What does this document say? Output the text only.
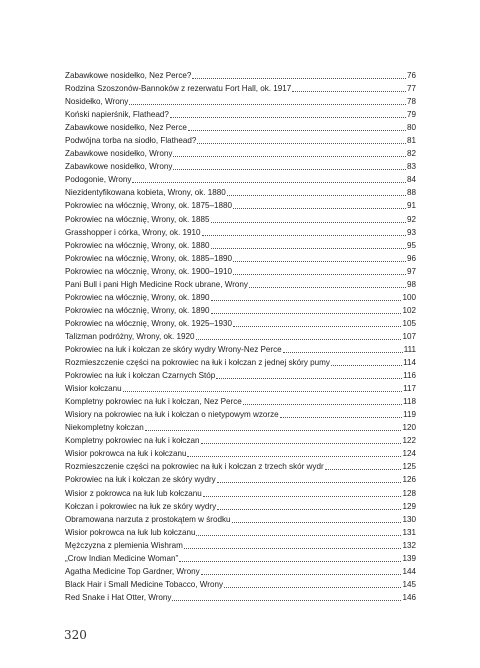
Zabawkowe nosidełko, Nez Perce?	76
Rodzina Szoszonów-Bannoków z rezerwatu Fort Hall, ok. 1917	77
Nosidełko, Wrony	78
Koński napierśnik, Flathead?	79
Zabawkowe nosidełko, Nez Perce	80
Podwójna torba na siodło, Flathead?	81
Zabawkowe nosidełko, Wrony	82
Zabawkowe nosidełko, Wrony	83
Podogonie, Wrony	84
Niezidentyfikowana kobieta, Wrony, ok. 1880	88
Pokrowiec na włócznię, Wrony, ok. 1875–1880	91
Pokrowiec na włócznię, Wrony, ok. 1885	92
Grasshopper i córka, Wrony, ok. 1910	93
Pokrowiec na włócznię, Wrony, ok. 1880	95
Pokrowiec na włócznię, Wrony, ok. 1885–1890	96
Pokrowiec na włócznię, Wrony, ok. 1900–1910	97
Pani Bull i pani High Medicine Rock ubrane, Wrony	98
Pokrowiec na włócznię, Wrony, ok. 1890	100
Pokrowiec na włócznię, Wrony, ok. 1890	102
Pokrowiec na włócznię, Wrony, ok. 1925–1930	105
Talizman podróżny, Wrony, ok. 1920	107
Pokrowiec na łuk i kołczan ze skóry wydry Wrony-Nez Perce	111
Rozmieszczenie części na pokrowiec na łuk i kołczan z jednej skóry pumy	114
Pokrowiec na łuk i kołczan Czarnych Stóp	116
Wisior kołczanu	117
Kompletny pokrowiec na łuk i kołczan, Nez Perce	118
Wisiory na pokrowiec na łuk i kołczan o nietypowym wzorze	119
Niekompletny kołczan	120
Kompletny pokrowiec na łuk i kołczan	122
Wisior pokrowca na łuk i kołczanu	124
Rozmieszczenie części na pokrowiec na łuk i kołczan z trzech skór wydr	125
Pokrowiec na łuk i kołczan ze skóry wydry	126
Wisior z pokrowca na łuk lub kołczanu	128
Kołczan i pokrowiec na łuk ze skóry wydry	129
Obramowana narzuta z prostokątem w środku	130
Wisior pokrowca na łuk lub kołczanu	131
Mężczyzna z plemienia Wishram	132
„Crow Indian Medicine Woman”	139
Agatha Medicine Top Gardner, Wrony	144
Black Hair i Small Medicine Tobacco, Wrony	145
Red Snake i Hat Otter, Wrony	146
320
